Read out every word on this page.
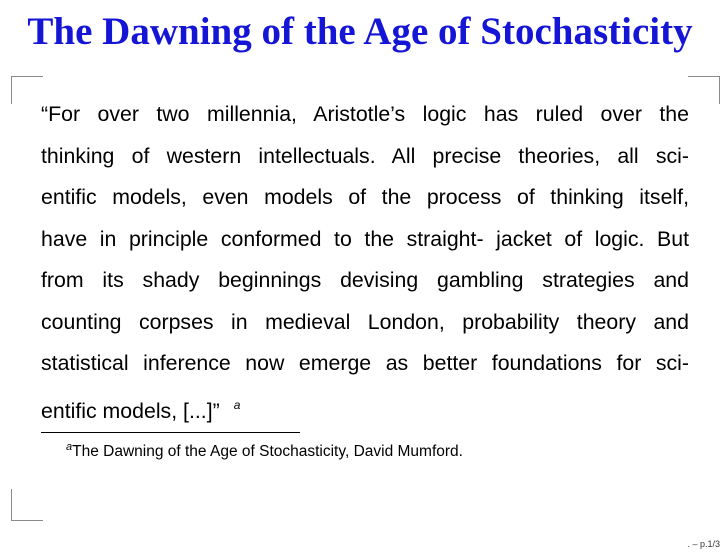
The Dawning of the Age of Stochasticity
“For over two millennia, Aristotle’s logic has ruled over the
thinking of western intellectuals. All precise theories, all sci-
entific models, even models of the process of thinking itself,
have in principle conformed to the straight- jacket of logic. But
from its shady beginnings devising gambling strategies and
counting corpses in medieval London, probability theory and
statistical inference now emerge as better foundations for sci-
entific models, [...]” $^a$
$^a$The Dawning of the Age of Stochasticity, David Mumford.
. – p.1/3
